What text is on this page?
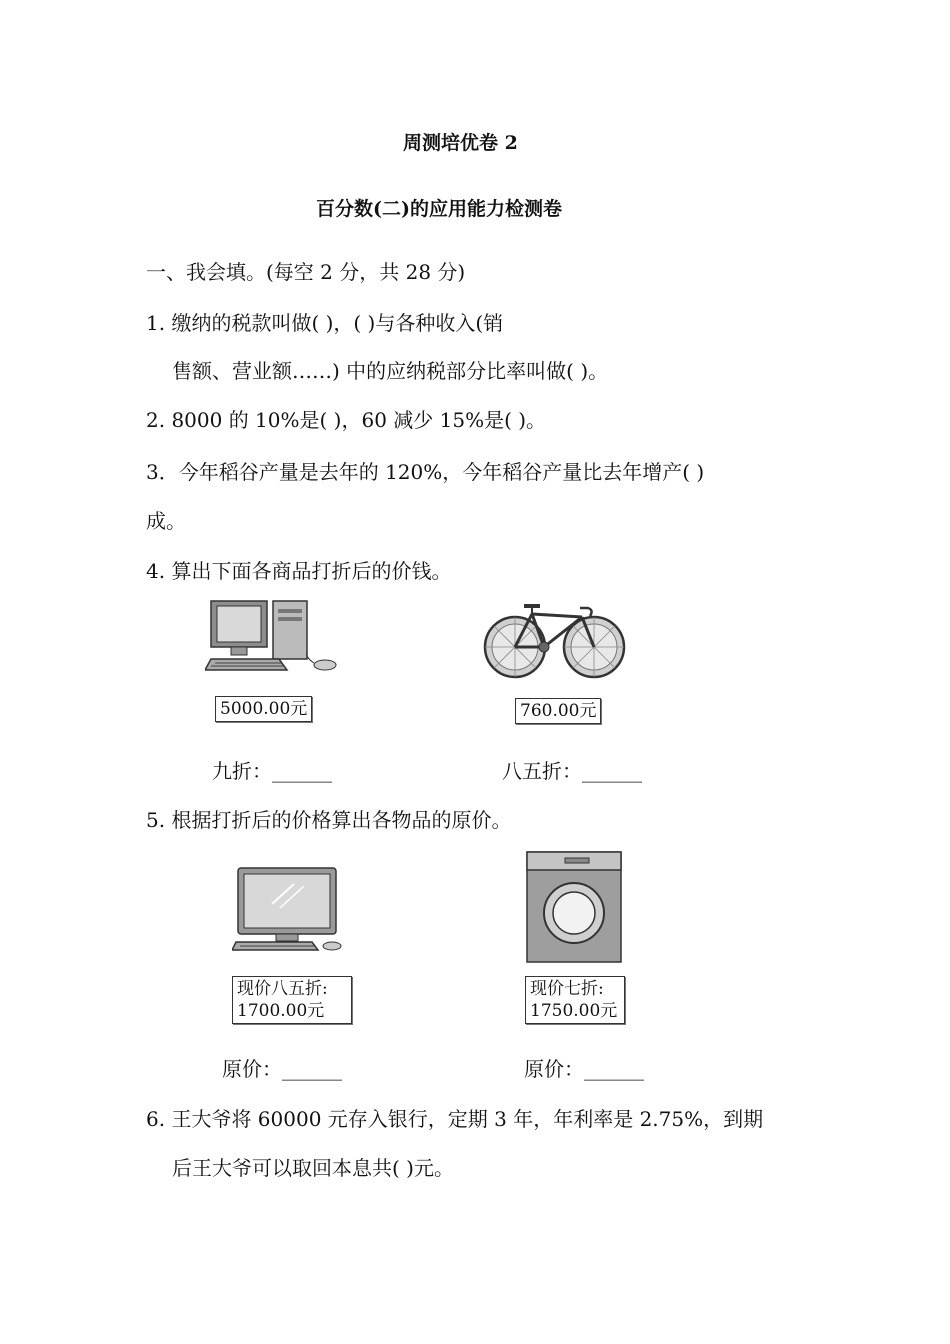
周测培优卷 2
百分数(二)的应用能力检测卷
一、我会填。(每空 2 分，共 28 分)
1. 缴纳的税款叫做( )，( )与各种收入(销
售额、营业额……) 中的应纳税部分比率叫做( )。
2. 8000 的 10%是( )，60 减少 15%是( )。
3．今年稻谷产量是去年的 120%，今年稻谷产量比去年增产( )
成。
4. 算出下面各商品打折后的价钱。
5000.00元	760.00元
九折：______	八五折：______
5. 根据打折后的价格算出各物品的原价。
现价八五折:
1700.00元
现价七折:
1750.00元
原价：______	原价：______
6. 王大爷将 60000 元存入银行，定期 3 年，年利率是 2.75%，到期
后王大爷可以取回本息共( )元。
